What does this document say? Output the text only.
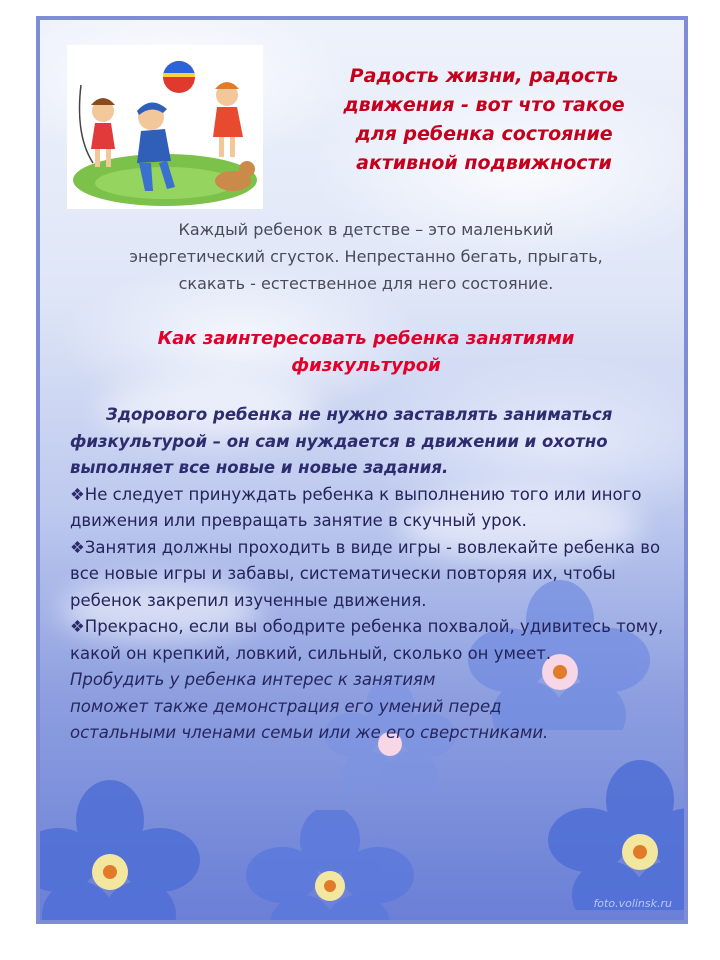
Радость жизни, радость
движения - вот что такое
для ребенка состояние
активной подвижности
Каждый ребенок в детстве – это маленький
энергетический сгусток. Непрестанно бегать, прыгать,
скакать - естественное для него состояние.
Как заинтересовать ребенка занятиями
физкультурой

Здорового ребенка не нужно заставлять заниматься физкультурой – он сам нуждается в движении и охотно выполняет все новые и новые задания.

❖Не следует принуждать ребенка к выполнению того или иного движения или превращать занятие в скучный урок.

❖Занятия должны проходить в виде игры - вовлекайте ребенка во все новые игры и забавы, систематически повторяя их, чтобы ребенок закрепил изученные движения.

❖Прекрасно, если вы ободрите ребенка похвалой, удивитесь тому, какой он крепкий, ловкий, сильный, сколько он умеет.

Пробудить у ребенка интерес к занятиям
поможет также демонстрация его умений перед
остальными членами семьи или же его сверстниками.
foto.volinsk.ru
